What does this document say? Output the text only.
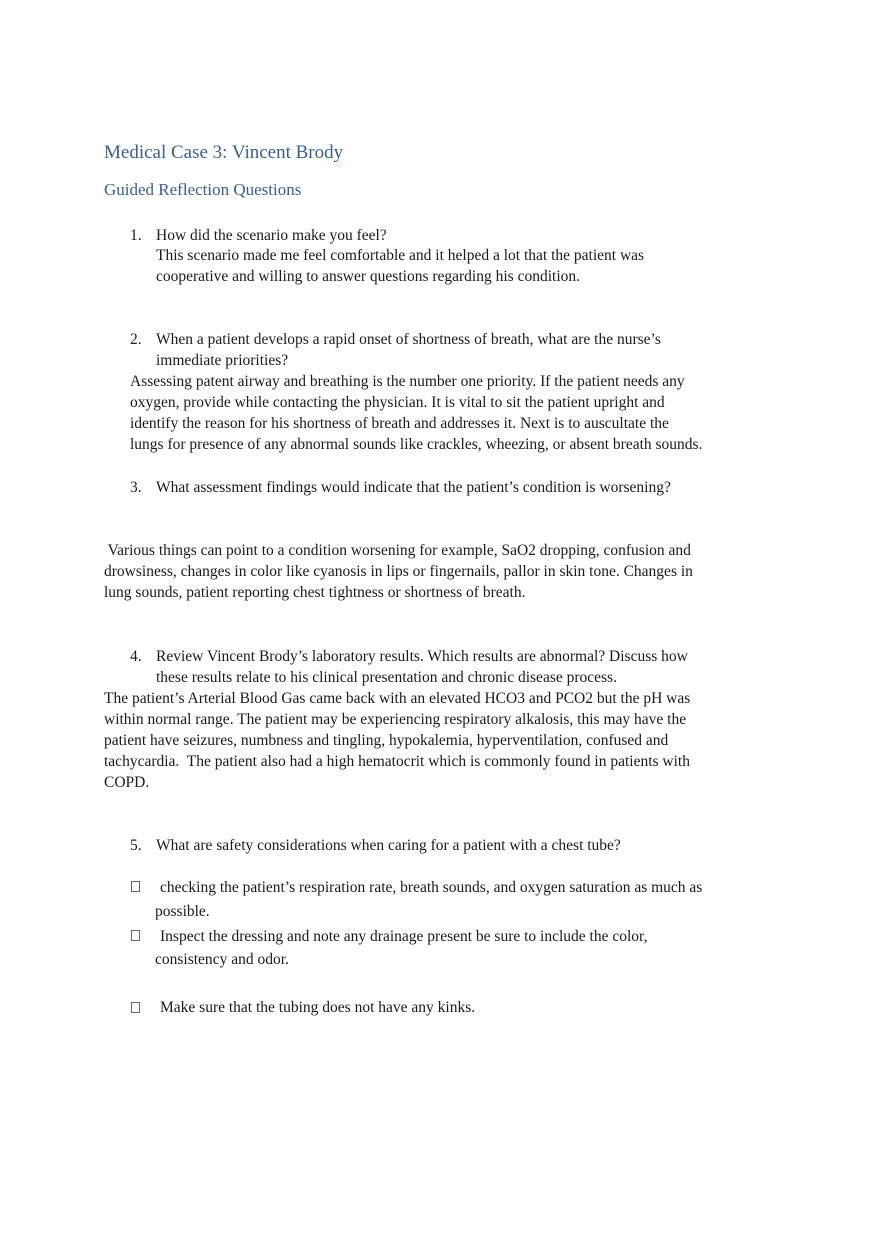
Medical Case 3: Vincent Brody
Guided Reflection Questions
1. How did the scenario make you feel?
This scenario made me feel comfortable and it helped a lot that the patient was
cooperative and willing to answer questions regarding his condition.
2. When a patient develops a rapid onset of shortness of breath, what are the nurse’s
immediate priorities?
Assessing patent airway and breathing is the number one priority. If the patient needs any
oxygen, provide while contacting the physician. It is vital to sit the patient upright and
identify the reason for his shortness of breath and addresses it. Next is to auscultate the
lungs for presence of any abnormal sounds like crackles, wheezing, or absent breath sounds.
3. What assessment findings would indicate that the patient’s condition is worsening?
Various things can point to a condition worsening for example, SaO2 dropping, confusion and
drowsiness, changes in color like cyanosis in lips or fingernails, pallor in skin tone. Changes in
lung sounds, patient reporting chest tightness or shortness of breath.
4. Review Vincent Brody’s laboratory results. Which results are abnormal? Discuss how
these results relate to his clinical presentation and chronic disease process.
The patient’s Arterial Blood Gas came back with an elevated HCO3 and PCO2 but the pH was
within normal range. The patient may be experiencing respiratory alkalosis, this may have the
patient have seizures, numbness and tingling, hypokalemia, hyperventilation, confused and
tachycardia.  The patient also had a high hematocrit which is commonly found in patients with
COPD.
5. What are safety considerations when caring for a patient with a chest tube?
checking the patient’s respiration rate, breath sounds, and oxygen saturation as much as
possible.
Inspect the dressing and note any drainage present be sure to include the color,
consistency and odor.
Make sure that the tubing does not have any kinks.
